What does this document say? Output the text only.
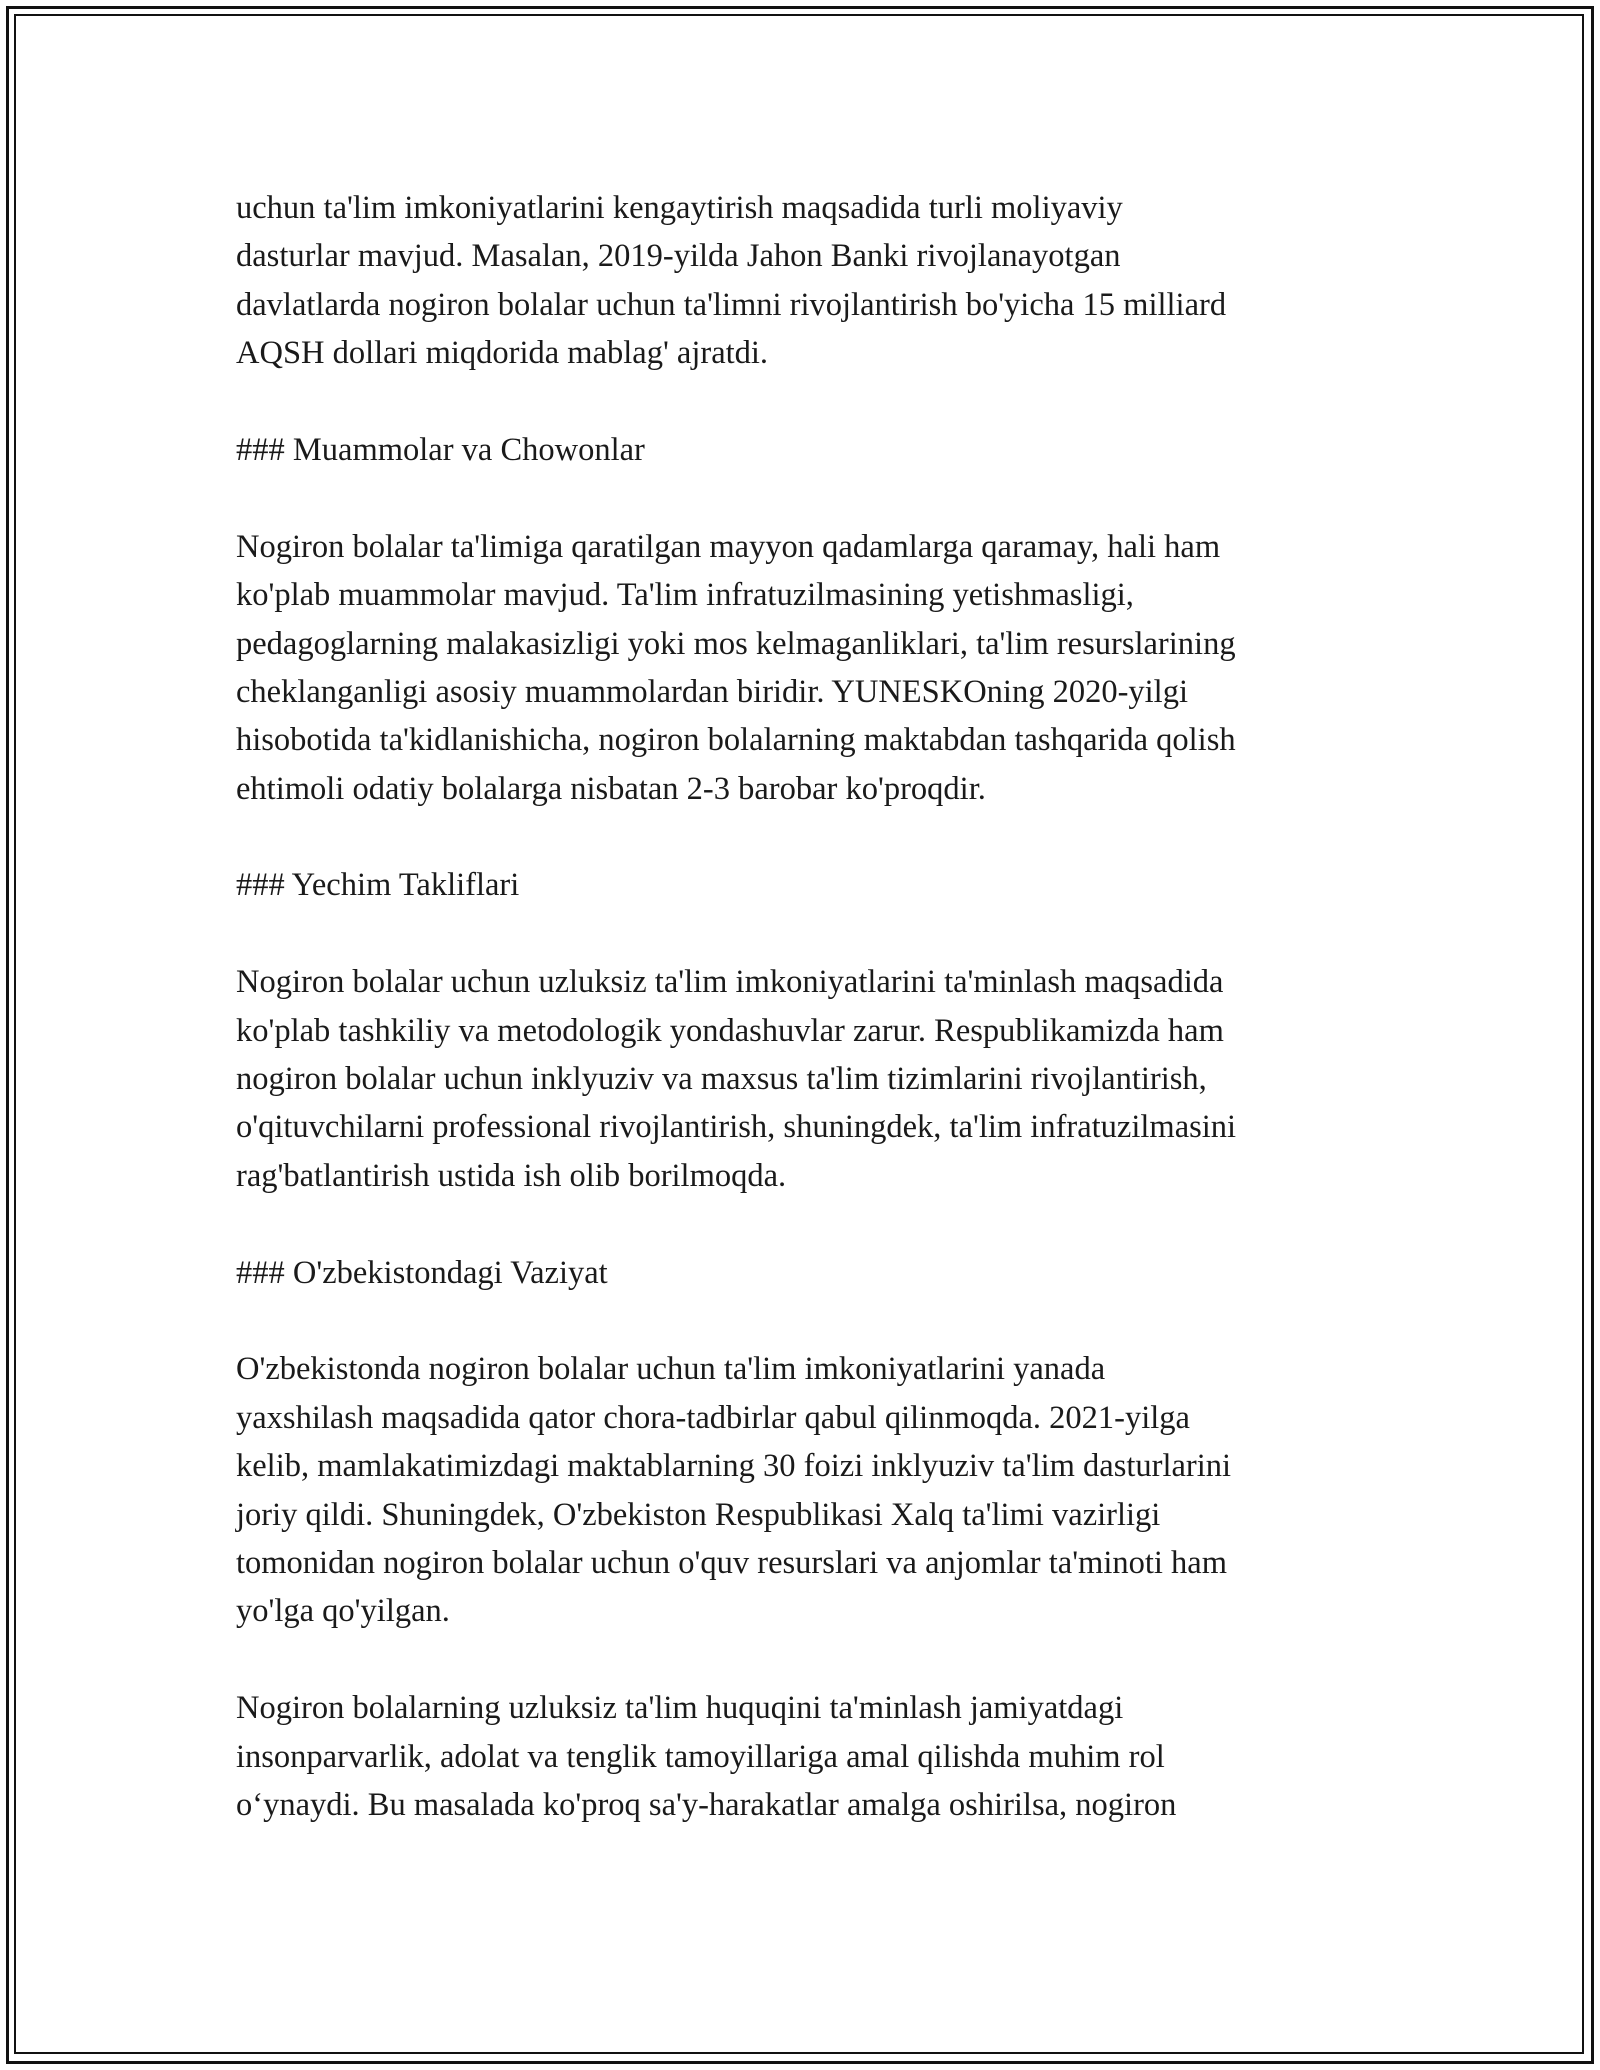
uchun ta'lim imkoniyatlarini kengaytirish maqsadida turli moliyaviy
dasturlar mavjud. Masalan, 2019-yilda Jahon Banki rivojlanayotgan
davlatlarda nogiron bolalar uchun ta'limni rivojlantirish bo'yicha 15 milliard
AQSH dollari miqdorida mablag' ajratdi.
### Muammolar va Chowonlar
Nogiron bolalar ta'limiga qaratilgan mayyon qadamlarga qaramay, hali ham
ko'plab muammolar mavjud. Ta'lim infratuzilmasining yetishmasligi,
pedagoglarning malakasizligi yoki mos kelmaganliklari, ta'lim resurslarining
cheklanganligi asosiy muammolardan biridir. YUNESKOning 2020-yilgi
hisobotida ta'kidlanishicha, nogiron bolalarning maktabdan tashqarida qolish
ehtimoli odatiy bolalarga nisbatan 2-3 barobar ko'proqdir.
### Yechim Takliflari
Nogiron bolalar uchun uzluksiz ta'lim imkoniyatlarini ta'minlash maqsadida
ko'plab tashkiliy va metodologik yondashuvlar zarur. Respublikamizda ham
nogiron bolalar uchun inklyuziv va maxsus ta'lim tizimlarini rivojlantirish,
o'qituvchilarni professional rivojlantirish, shuningdek, ta'lim infratuzilmasini
rag'batlantirish ustida ish olib borilmoqda.
### O'zbekistondagi Vaziyat
O'zbekistonda nogiron bolalar uchun ta'lim imkoniyatlarini yanada
yaxshilash maqsadida qator chora-tadbirlar qabul qilinmoqda. 2021-yilga
kelib, mamlakatimizdagi maktablarning 30 foizi inklyuziv ta'lim dasturlarini
joriy qildi. Shuningdek, O'zbekiston Respublikasi Xalq ta'limi vazirligi
tomonidan nogiron bolalar uchun o'quv resurslari va anjomlar ta'minoti ham
yo'lga qo'yilgan.
Nogiron bolalarning uzluksiz ta'lim huquqini ta'minlash jamiyatdagi
insonparvarlik, adolat va tenglik tamoyillariga amal qilishda muhim rol
o‘ynaydi. Bu masalada ko'proq sa'y-harakatlar amalga oshirilsa, nogiron
